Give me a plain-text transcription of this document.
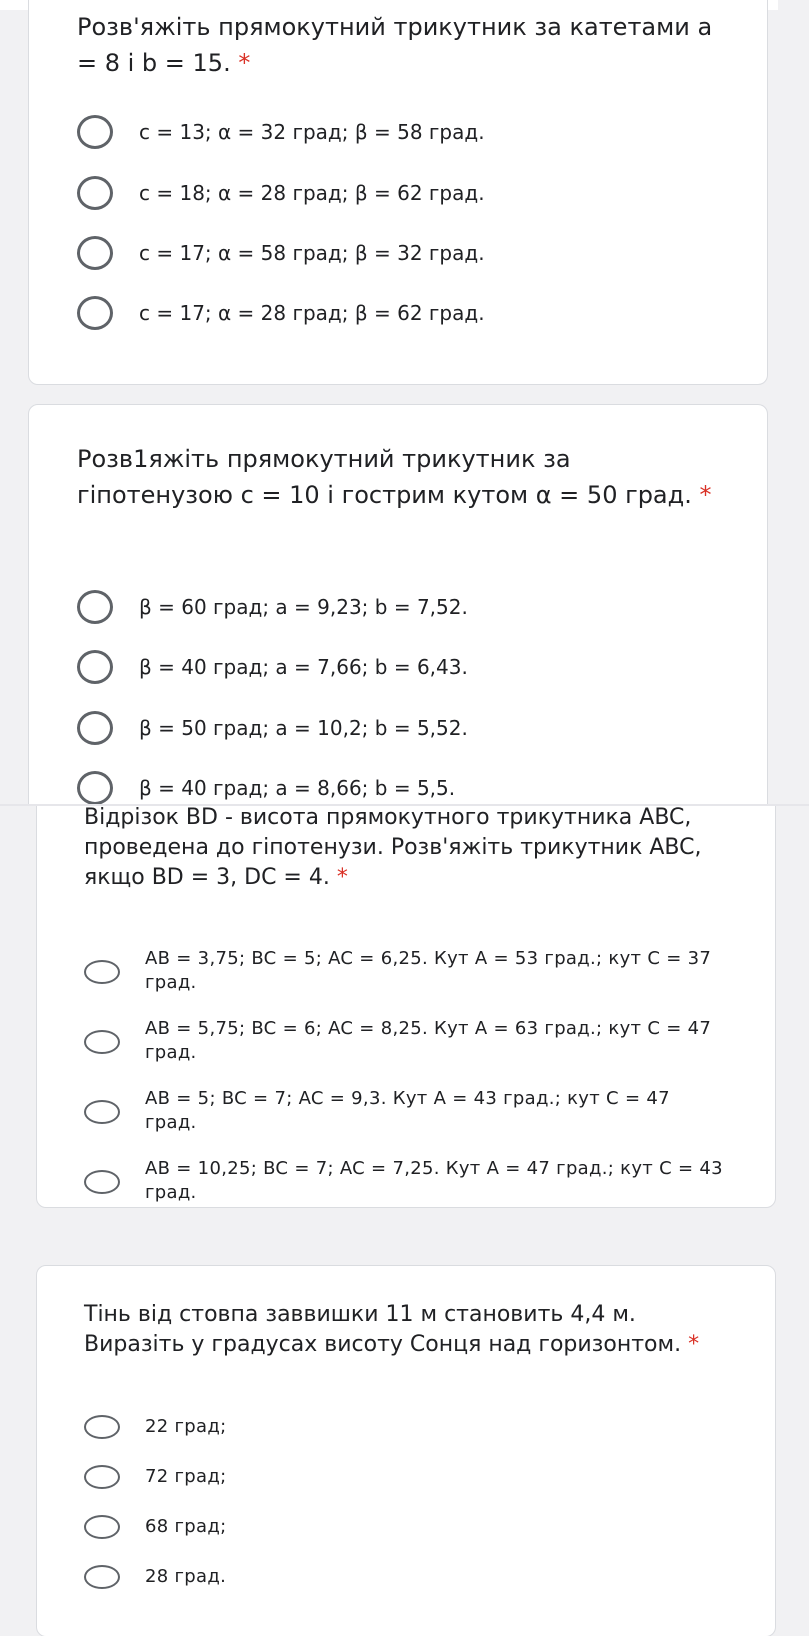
Розв'яжіть прямокутний трикутник за катетами a = 8 і b = 15. *
c = 13; α = 32 град; β = 58 град.
c = 18; α = 28 град; β = 62 град.
c = 17; α = 58 град; β = 32 град.
c = 17; α = 28 град; β = 62 град.
Розв1яжіть прямокутний трикутник за гіпотенузою с = 10 і гострим кутом α = 50 град. *
β = 60 град; a = 9,23; b = 7,52.
β = 40 град; a = 7,66; b = 6,43.
β = 50 град; a = 10,2; b = 5,52.
β = 40 град; a = 8,66; b = 5,5.
Відрізок BD - висота прямокутного трикутника ABC, проведена до гіпотенузи. Розв'яжіть трикутник ABC, якщо BD = 3, DC = 4. *
AB = 3,75; BC = 5; AC = 6,25. Кут A = 53 град.; кут C = 37 град.
AB = 5,75; BC = 6; AC = 8,25. Кут A = 63 град.; кут C = 47 град.
AB = 5; BC = 7; AC = 9,3. Кут A = 43 град.; кут C = 47 град.
AB = 10,25; BC = 7; AC = 7,25. Кут A = 47 град.; кут C = 43 град.
Тінь від стовпа заввишки 11 м становить 4,4 м. Виразіть у градусах висоту Сонця над горизонтом. *
22 град;
72 град;
68 град;
28 град.
